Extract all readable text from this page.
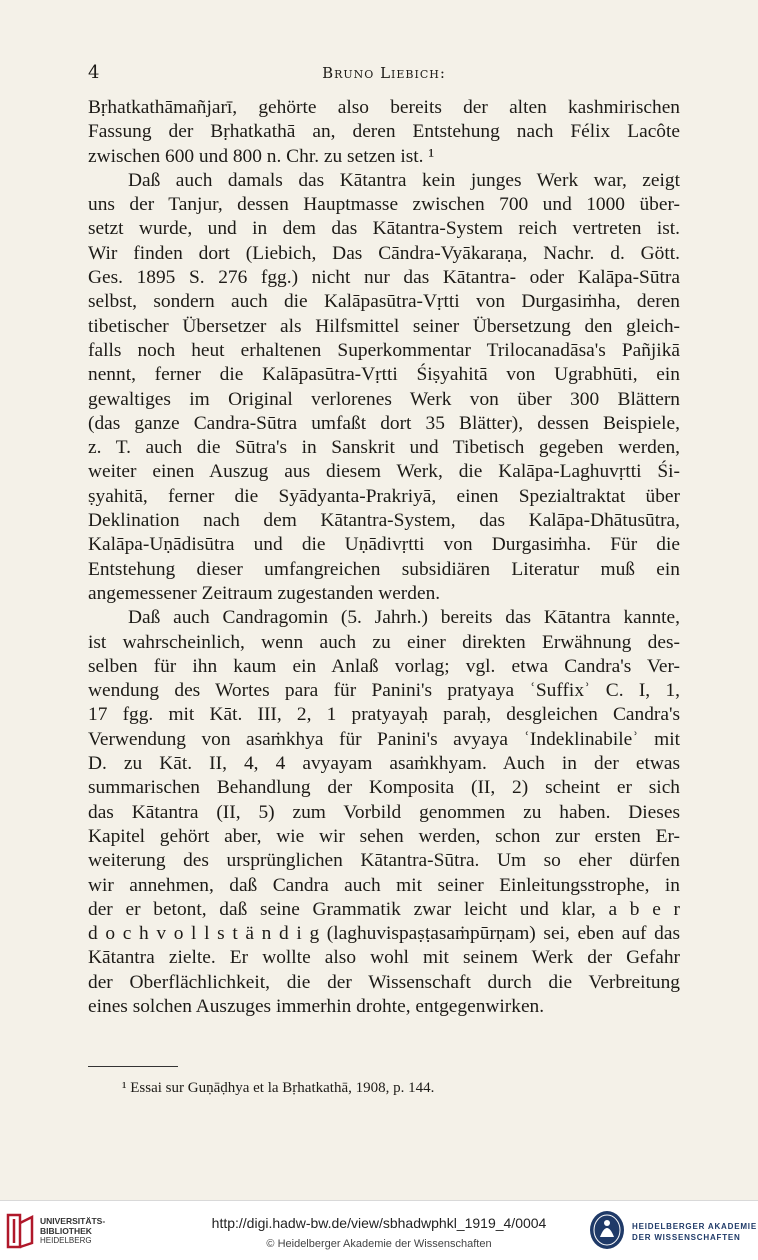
4	Bruno Liebich:
Bṛhatkathāmañjarī, gehörte also bereits der alten kashmirischen
Fassung der Bṛhatkathā an, deren Entstehung nach Félix Lacôte
zwischen 600 und 800 n. Chr. zu setzen ist. ¹
Daß auch damals das Kātantra kein junges Werk war, zeigt
uns der Tanjur, dessen Hauptmasse zwischen 700 und 1000 über-
setzt wurde, und in dem das Kātantra-System reich vertreten ist.
Wir finden dort (Liebich, Das Cāndra-Vyākaraṇa, Nachr. d. Gött.
Ges. 1895 S. 276 fgg.) nicht nur das Kātantra- oder Kalāpa-Sūtra
selbst, sondern auch die Kalāpasūtra-Vṛtti von Durgasiṁha, deren
tibetischer Übersetzer als Hilfsmittel seiner Übersetzung den gleich-
falls noch heut erhaltenen Superkommentar Trilocanadāsa's Pañjikā
nennt, ferner die Kalāpasūtra-Vṛtti Śiṣyahitā von Ugrabhūti, ein
gewaltiges im Original verlorenes Werk von über 300 Blättern
(das ganze Candra-Sūtra umfaßt dort 35 Blätter), dessen Beispiele,
z. T. auch die Sūtra's in Sanskrit und Tibetisch gegeben werden,
weiter einen Auszug aus diesem Werk, die Kalāpa-Laghuvṛtti Śi-
ṣyahitā, ferner die Syādyanta-Prakriyā, einen Spezialtraktat über
Deklination nach dem Kātantra-System, das Kalāpa-Dhātusūtra,
Kalāpa-Uṇādisūtra und die Uṇādivṛtti von Durgasiṁha. Für die
Entstehung dieser umfangreichen subsidiären Literatur muß ein
angemessener Zeitraum zugestanden werden.
Daß auch Candragomin (5. Jahrh.) bereits das Kātantra kannte,
ist wahrscheinlich, wenn auch zu einer direkten Erwähnung des-
selben für ihn kaum ein Anlaß vorlag; vgl. etwa Candra's Ver-
wendung des Wortes para für Panini's pratyaya ʿSuffixʾ C. I, 1,
17 fgg. mit Kāt. III, 2, 1 pratyayaḥ paraḥ, desgleichen Candra's
Verwendung von asaṁkhya für Panini's avyaya ʿIndeklinabileʾ mit
D. zu Kāt. II, 4, 4 avyayam asaṁkhyam. Auch in der etwas
summarischen Behandlung der Komposita (II, 2) scheint er sich
das Kātantra (II, 5) zum Vorbild genommen zu haben. Dieses
Kapitel gehört aber, wie wir sehen werden, schon zur ersten Er-
weiterung des ursprünglichen Kātantra-Sūtra. Um so eher dürfen
wir annehmen, daß Candra auch mit seiner Einleitungsstrophe, in
der er betont, daß seine Grammatik zwar leicht und klar, a b e r
d o c h v o l l s t ä n d i g (laghuvispaṣṭasaṁpūrṇam) sei, eben auf das
Kātantra zielte. Er wollte also wohl mit seinem Werk der Gefahr
der Oberflächlichkeit, die der Wissenschaft durch die Verbreitung
eines solchen Auszuges immerhin drohte, entgegenwirken.
¹ Essai sur Guṇāḍhya et la Bṛhatkathā, 1908, p. 144.
UNIVERSITÄTS-
BIBLIOTHEK
HEIDELBERG
http://digi.hadw-bw.de/view/sbhadwphkl_1919_4/0004
© Heidelberger Akademie der Wissenschaften
HEIDELBERGER AKADEMIE
DER WISSENSCHAFTEN
